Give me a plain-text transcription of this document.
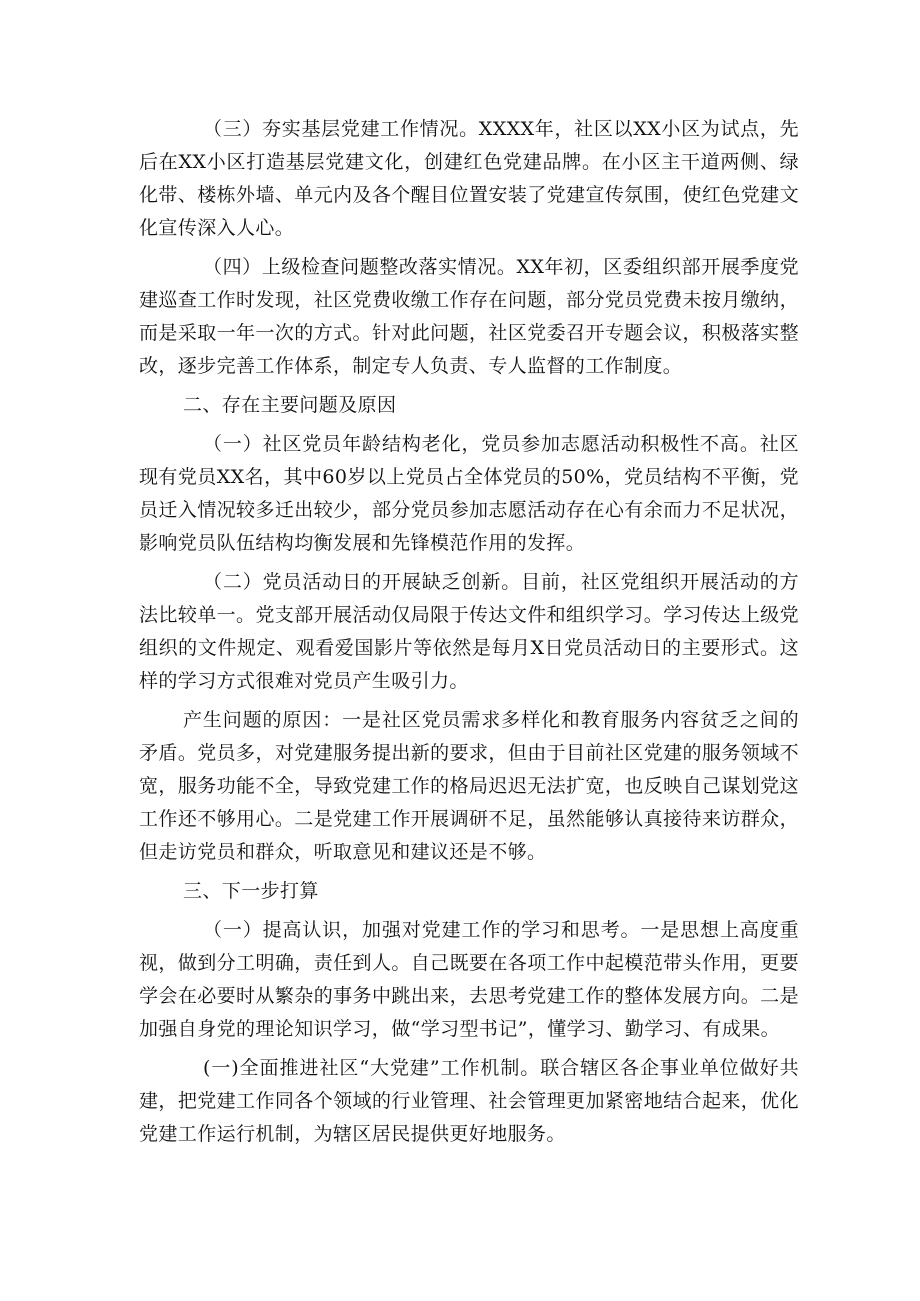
（三）夯实基层党建工作情况。XXXX年，社区以XX小区为试点，先后在XX小区打造基层党建文化，创建红色党建品牌。在小区主干道两侧、绿化带、楼栋外墙、单元内及各个醒目位置安装了党建宣传氛围，使红色党建文化宣传深入人心。

（四）上级检查问题整改落实情况。XX年初，区委组织部开展季度党建巡查工作时发现，社区党费收缴工作存在问题，部分党员党费未按月缴纳，而是采取一年一次的方式。针对此问题，社区党委召开专题会议，积极落实整改，逐步完善工作体系，制定专人负责、专人监督的工作制度。

二、存在主要问题及原因

（一）社区党员年龄结构老化，党员参加志愿活动积极性不高。社区现有党员XX名，其中60岁以上党员占全体党员的50%，党员结构不平衡，党员迁入情况较多迁出较少，部分党员参加志愿活动存在心有余而力不足状况，影响党员队伍结构均衡发展和先锋模范作用的发挥。

（二）党员活动日的开展缺乏创新。目前，社区党组织开展活动的方法比较单一。党支部开展活动仅局限于传达文件和组织学习。学习传达上级党组织的文件规定、观看爱国影片等依然是每月X日党员活动日的主要形式。这样的学习方式很难对党员产生吸引力。

产生问题的原因：一是社区党员需求多样化和教育服务内容贫乏之间的矛盾。党员多，对党建服务提出新的要求，但由于目前社区党建的服务领域不宽，服务功能不全，导致党建工作的格局迟迟无法扩宽，也反映自己谋划党这工作还不够用心。二是党建工作开展调研不足，虽然能够认真接待来访群众，但走访党员和群众，听取意见和建议还是不够。

三、下一步打算

（一）提高认识，加强对党建工作的学习和思考。一是思想上高度重视，做到分工明确，责任到人。自己既要在各项工作中起模范带头作用，更要学会在必要时从繁杂的事务中跳出来，去思考党建工作的整体发展方向。二是加强自身党的理论知识学习，做“学习型书记”，懂学习、勤学习、有成果。

(一)全面推进社区“大党建”工作机制。联合辖区各企事业单位做好共建，把党建工作同各个领域的行业管理、社会管理更加紧密地结合起来，优化党建工作运行机制，为辖区居民提供更好地服务。
